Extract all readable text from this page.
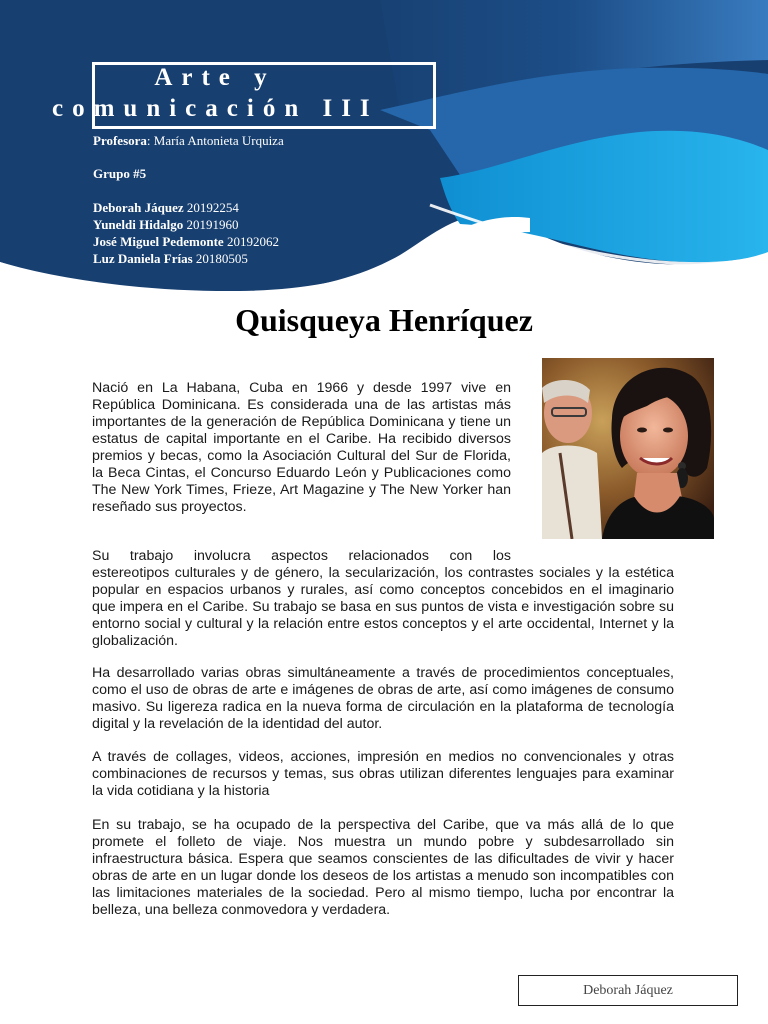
Arte y
comunicación III
Profesora: María Antonieta Urquiza
Grupo #5
Deborah Jáquez 20192254
Yuneldi Hidalgo 20191960
José Miguel Pedemonte 20192062
Luz Daniela Frías 20180505
Quisqueya Henríquez

Nació en La Habana, Cuba en 1966 y desde 1997 vive en República Dominicana. Es considerada una de las artistas más importantes de la generación de República Dominicana y tiene un estatus de capital importante en el Caribe. Ha recibido diversos premios y becas, como la Asociación Cultural del Sur de Florida, la Beca Cintas, el Concurso Eduardo León y Publicaciones como The New York Times, Frieze, Art Magazine y The New Yorker han reseñado sus proyectos.

Su trabajo involucra aspectos relacionados con los
estereotipos culturales y de género, la secularización, los contrastes sociales y la estética popular en espacios urbanos y rurales, así como conceptos concebidos en el imaginario que impera en el Caribe. Su trabajo se basa en sus puntos de vista e investigación sobre su entorno social y cultural y la relación entre estos conceptos y el arte occidental, Internet y la globalización.

Ha desarrollado varias obras simultáneamente a través de procedimientos conceptuales, como el uso de obras de arte e imágenes de obras de arte, así como imágenes de consumo masivo. Su ligereza radica en la nueva forma de circulación en la plataforma de tecnología digital y la revelación de la identidad del autor.

A través de collages, videos, acciones, impresión en medios no convencionales y otras combinaciones de recursos y temas, sus obras utilizan diferentes lenguajes para examinar la vida cotidiana y la historia

En su trabajo, se ha ocupado de la perspectiva del Caribe, que va más allá de lo que promete el folleto de viaje. Nos muestra un mundo pobre y subdesarrollado sin infraestructura básica. Espera que seamos conscientes de las dificultades de vivir y hacer obras de arte en un lugar donde los deseos de los artistas a menudo son incompatibles con las limitaciones materiales de la sociedad. Pero al mismo tiempo, lucha por encontrar la belleza, una belleza conmovedora y verdadera.

Deborah Jáquez
